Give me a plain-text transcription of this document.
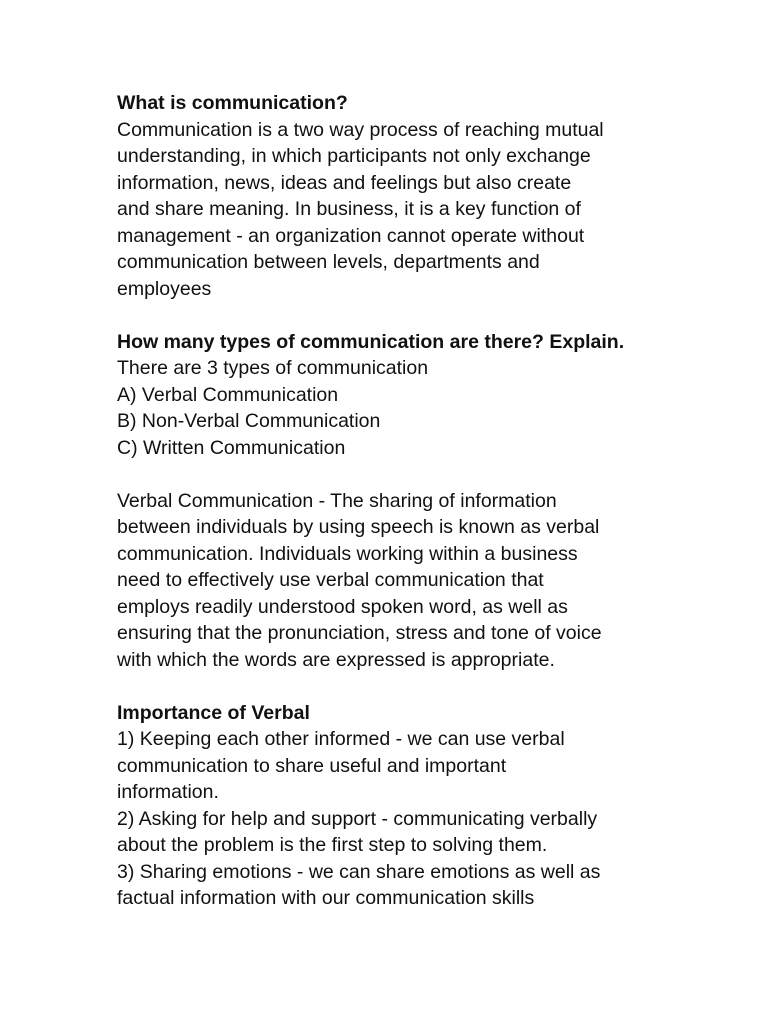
What is communication?
Communication is a two way process of reaching mutual
understanding, in which participants not only exchange
information, news, ideas and feelings but also create
and share meaning. In business, it is a key function of
management - an organization cannot operate without
communication between levels, departments and
employees
How many types of communication are there? Explain.
There are 3 types of communication
A) Verbal Communication
B) Non-Verbal Communication
C) Written Communication
Verbal Communication - The sharing of information
between individuals by using speech is known as verbal
communication. Individuals working within a business
need to effectively use verbal communication that
employs readily understood spoken word, as well as
ensuring that the pronunciation, stress and tone of voice
with which the words are expressed is appropriate.
Importance of Verbal
1) Keeping each other informed - we can use verbal
communication to share useful and important
information.
2) Asking for help and support - communicating verbally
about the problem is the first step to solving them.
3) Sharing emotions - we can share emotions as well as
factual information with our communication skills
